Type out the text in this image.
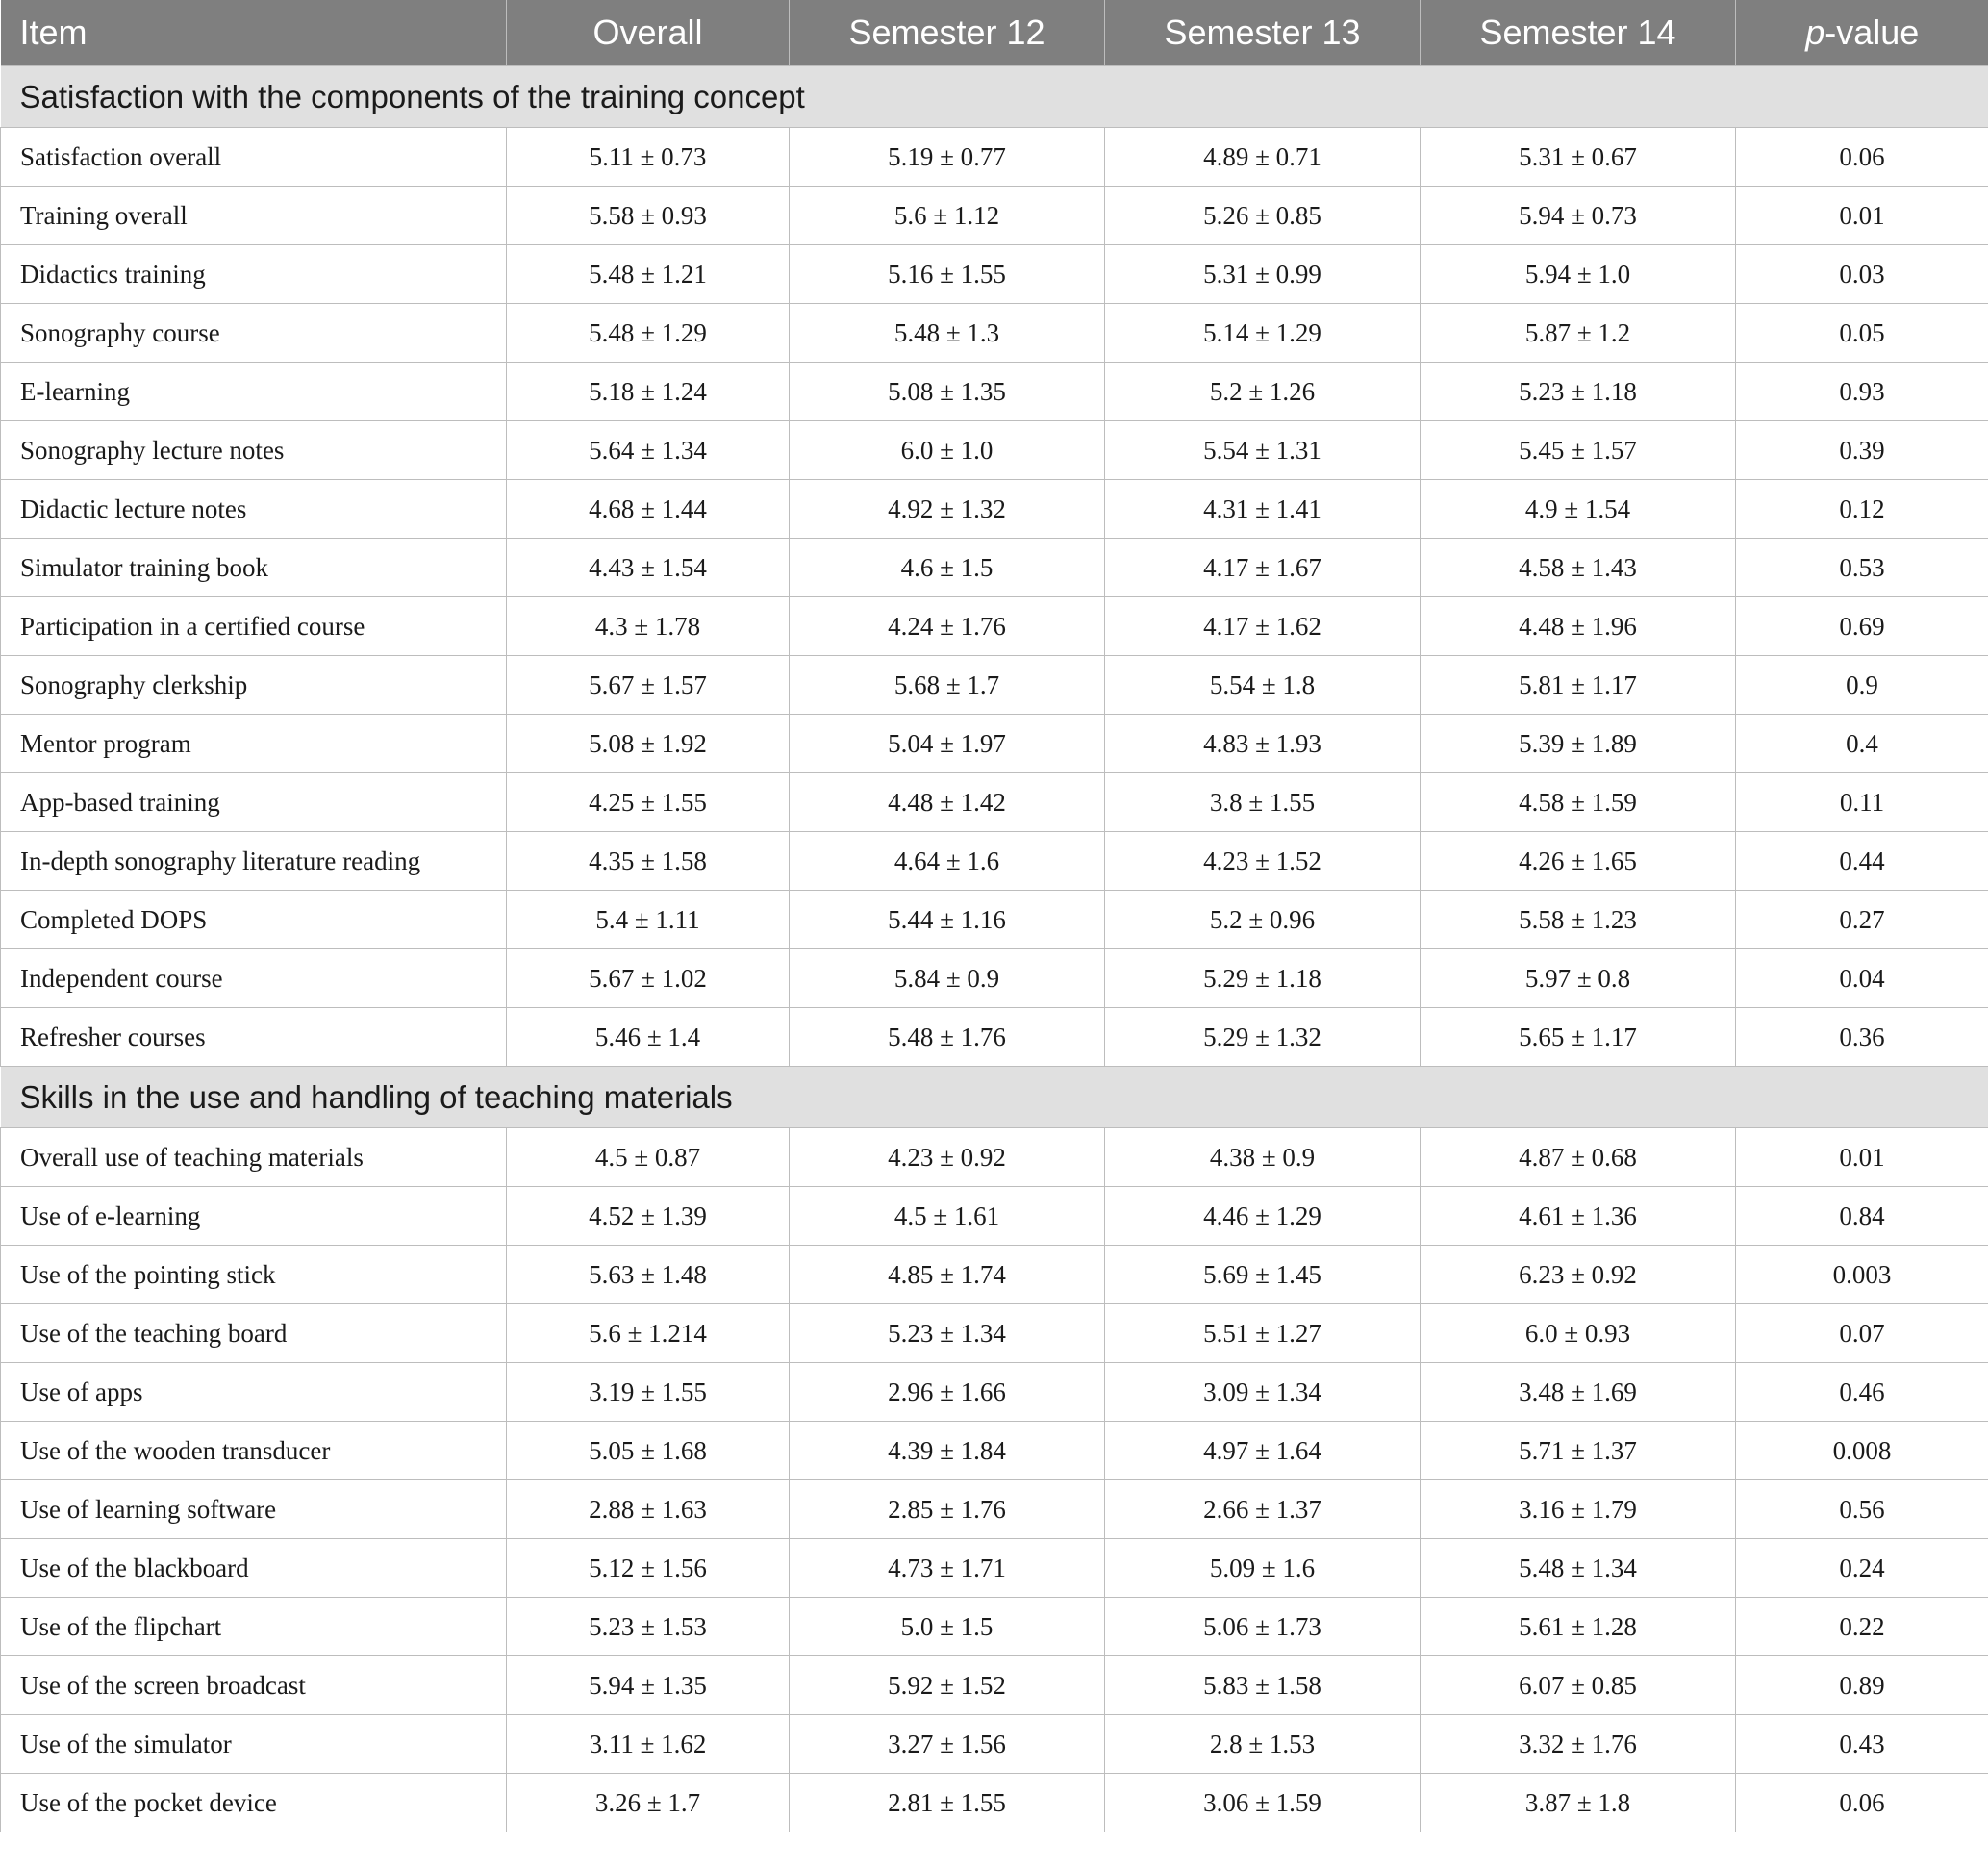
Item	Overall	Semester 12	Semester 13	Semester 14	p-value
Satisfaction with the components of the training concept					
Satisfaction overall	5.11 ± 0.73	5.19 ± 0.77	4.89 ± 0.71	5.31 ± 0.67	0.06
Training overall	5.58 ± 0.93	5.6 ± 1.12	5.26 ± 0.85	5.94 ± 0.73	0.01
Didactics training	5.48 ± 1.21	5.16 ± 1.55	5.31 ± 0.99	5.94 ± 1.0	0.03
Sonography course	5.48 ± 1.29	5.48 ± 1.3	5.14 ± 1.29	5.87 ± 1.2	0.05
E-learning	5.18 ± 1.24	5.08 ± 1.35	5.2 ± 1.26	5.23 ± 1.18	0.93
Sonography lecture notes	5.64 ± 1.34	6.0 ± 1.0	5.54 ± 1.31	5.45 ± 1.57	0.39
Didactic lecture notes	4.68 ± 1.44	4.92 ± 1.32	4.31 ± 1.41	4.9 ± 1.54	0.12
Simulator training book	4.43 ± 1.54	4.6 ± 1.5	4.17 ± 1.67	4.58 ± 1.43	0.53
Participation in a certified course	4.3 ± 1.78	4.24 ± 1.76	4.17 ± 1.62	4.48 ± 1.96	0.69
Sonography clerkship	5.67 ± 1.57	5.68 ± 1.7	5.54 ± 1.8	5.81 ± 1.17	0.9
Mentor program	5.08 ± 1.92	5.04 ± 1.97	4.83 ± 1.93	5.39 ± 1.89	0.4
App-based training	4.25 ± 1.55	4.48 ± 1.42	3.8 ± 1.55	4.58 ± 1.59	0.11
In-depth sonography literature reading	4.35 ± 1.58	4.64 ± 1.6	4.23 ± 1.52	4.26 ± 1.65	0.44
Completed DOPS	5.4 ± 1.11	5.44 ± 1.16	5.2 ± 0.96	5.58 ± 1.23	0.27
Independent course	5.67 ± 1.02	5.84 ± 0.9	5.29 ± 1.18	5.97 ± 0.8	0.04
Refresher courses	5.46 ± 1.4	5.48 ± 1.76	5.29 ± 1.32	5.65 ± 1.17	0.36
Skills in the use and handling of teaching materials					
Overall use of teaching materials	4.5 ± 0.87	4.23 ± 0.92	4.38 ± 0.9	4.87 ± 0.68	0.01
Use of e-learning	4.52 ± 1.39	4.5 ± 1.61	4.46 ± 1.29	4.61 ± 1.36	0.84
Use of the pointing stick	5.63 ± 1.48	4.85 ± 1.74	5.69 ± 1.45	6.23 ± 0.92	0.003
Use of the teaching board	5.6 ± 1.214	5.23 ± 1.34	5.51 ± 1.27	6.0 ± 0.93	0.07
Use of apps	3.19 ± 1.55	2.96 ± 1.66	3.09 ± 1.34	3.48 ± 1.69	0.46
Use of the wooden transducer	5.05 ± 1.68	4.39 ± 1.84	4.97 ± 1.64	5.71 ± 1.37	0.008
Use of learning software	2.88 ± 1.63	2.85 ± 1.76	2.66 ± 1.37	3.16 ± 1.79	0.56
Use of the blackboard	5.12 ± 1.56	4.73 ± 1.71	5.09 ± 1.6	5.48 ± 1.34	0.24
Use of the flipchart	5.23 ± 1.53	5.0 ± 1.5	5.06 ± 1.73	5.61 ± 1.28	0.22
Use of the screen broadcast	5.94 ± 1.35	5.92 ± 1.52	5.83 ± 1.58	6.07 ± 0.85	0.89
Use of the simulator	3.11 ± 1.62	3.27 ± 1.56	2.8 ± 1.53	3.32 ± 1.76	0.43
Use of the pocket device	3.26 ± 1.7	2.81 ± 1.55	3.06 ± 1.59	3.87 ± 1.8	0.06
